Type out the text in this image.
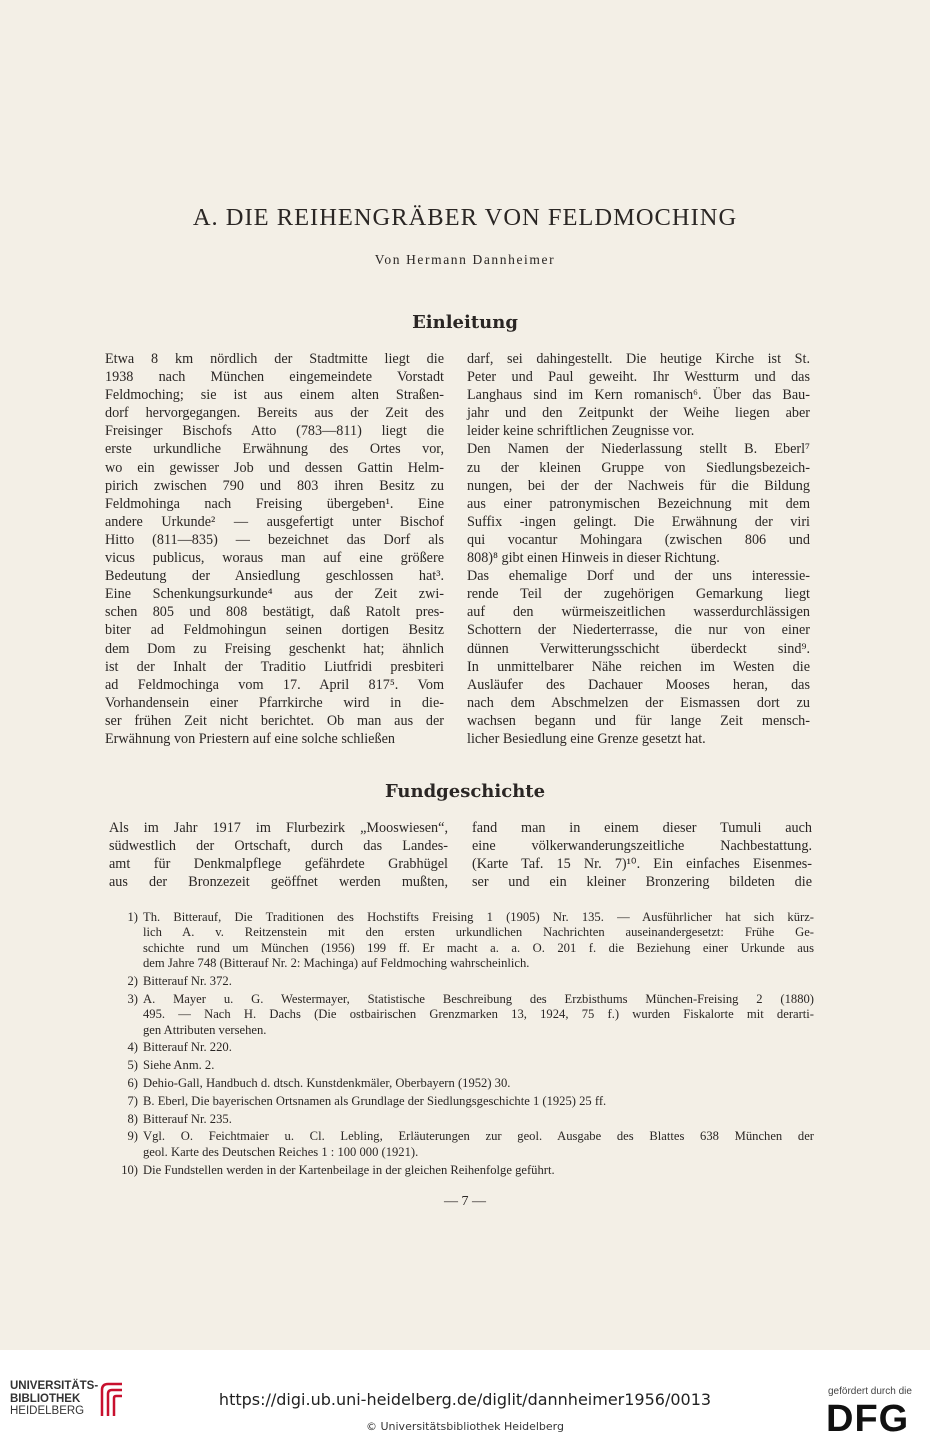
A. DIE REIHENGRÄBER VON FELDMOCHING
Von Hermann Dannheimer
Einleitung
Etwa 8 km nördlich der Stadtmitte liegt die
1938 nach München eingemeindete Vorstadt
Feldmoching; sie ist aus einem alten Straßen-
dorf hervorgegangen. Bereits aus der Zeit des
Freisinger Bischofs Atto (783—811) liegt die
erste urkundliche Erwähnung des Ortes vor,
wo ein gewisser Job und dessen Gattin Helm-
pirich zwischen 790 und 803 ihren Besitz zu
Feldmohinga nach Freising übergeben¹. Eine
andere Urkunde² — ausgefertigt unter Bischof
Hitto (811—835) — bezeichnet das Dorf als
vicus publicus, woraus man auf eine größere
Bedeutung der Ansiedlung geschlossen hat³.
Eine Schenkungsurkunde⁴ aus der Zeit zwi-
schen 805 und 808 bestätigt, daß Ratolt pres-
biter ad Feldmohingun seinen dortigen Besitz
dem Dom zu Freising geschenkt hat; ähnlich
ist der Inhalt der Traditio Liutfridi presbiteri
ad Feldmochinga vom 17. April 817⁵. Vom
Vorhandensein einer Pfarrkirche wird in die-
ser frühen Zeit nicht berichtet. Ob man aus der
Erwähnung von Priestern auf eine solche schließen
darf, sei dahingestellt. Die heutige Kirche ist St.
Peter und Paul geweiht. Ihr Westturm und das
Langhaus sind im Kern romanisch⁶. Über das Bau-
jahr und den Zeitpunkt der Weihe liegen aber
leider keine schriftlichen Zeugnisse vor.
Den Namen der Niederlassung stellt B. Eberl⁷
zu der kleinen Gruppe von Siedlungsbezeich-
nungen, bei der der Nachweis für die Bildung
aus einer patronymischen Bezeichnung mit dem
Suffix -ingen gelingt. Die Erwähnung der viri
qui vocantur Mohingara (zwischen 806 und
808)⁸ gibt einen Hinweis in dieser Richtung.
Das ehemalige Dorf und der uns interessie-
rende Teil der zugehörigen Gemarkung liegt
auf den würmeiszeitlichen wasserdurchlässigen
Schottern der Niederterrasse, die nur von einer
dünnen Verwitterungsschicht überdeckt sind⁹.
In unmittelbarer Nähe reichen im Westen die
Ausläufer des Dachauer Mooses heran, das
nach dem Abschmelzen der Eismassen dort zu
wachsen begann und für lange Zeit mensch-
licher Besiedlung eine Grenze gesetzt hat.
Fundgeschichte
Als im Jahr 1917 im Flurbezirk „Mooswiesen“,
südwestlich der Ortschaft, durch das Landes-
amt für Denkmalpflege gefährdete Grabhügel
aus der Bronzezeit geöffnet werden mußten,
fand man in einem dieser Tumuli auch
eine völkerwanderungszeitliche Nachbestattung.
(Karte Taf. 15 Nr. 7)¹⁰. Ein einfaches Eisenmes-
ser und ein kleiner Bronzering bildeten die
1) Th. Bitterauf, Die Traditionen des Hochstifts Freising 1 (1905) Nr. 135. — Ausführlicher hat sich kürz-
lich A. v. Reitzenstein mit den ersten urkundlichen Nachrichten auseinandergesetzt: Frühe Ge-
schichte rund um München (1956) 199 ff. Er macht a. a. O. 201 f. die Beziehung einer Urkunde aus
dem Jahre 748 (Bitterauf Nr. 2: Machinga) auf Feldmoching wahrscheinlich.
2) Bitterauf Nr. 372.
3) A. Mayer u. G. Westermayer, Statistische Beschreibung des Erzbisthums München-Freising 2 (1880)
495. — Nach H. Dachs (Die ostbairischen Grenzmarken 13, 1924, 75 f.) wurden Fiskalorte mit derarti-
gen Attributen versehen.
4) Bitterauf Nr. 220.
5) Siehe Anm. 2.
6) Dehio-Gall, Handbuch d. dtsch. Kunstdenkmäler, Oberbayern (1952) 30.
7) B. Eberl, Die bayerischen Ortsnamen als Grundlage der Siedlungsgeschichte 1 (1925) 25 ff.
8) Bitterauf Nr. 235.
9) Vgl. O. Feichtmaier u. Cl. Lebling, Erläuterungen zur geol. Ausgabe des Blattes 638 München der
geol. Karte des Deutschen Reiches 1 : 100 000 (1921).
10) Die Fundstellen werden in der Kartenbeilage in der gleichen Reihenfolge geführt.
— 7 —
UNIVERSITÄTS-
BIBLIOTHEK
HEIDELBERG
https://digi.ub.uni-heidelberg.de/diglit/dannheimer1956/0013
© Universitätsbibliothek Heidelberg
gefördert durch die
DFG
